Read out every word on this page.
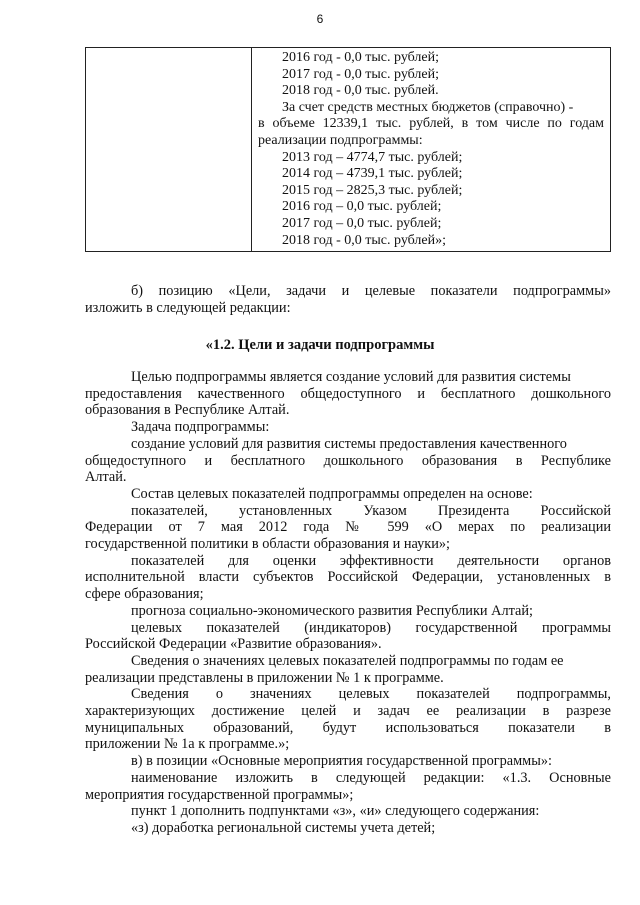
6

2016 год - 0,0 тыс. рублей;
2017 год - 0,0 тыс. рублей;
2018 год - 0,0 тыс. рублей.
За счет средств местных бюджетов (справочно) -
в объеме 12339,1 тыс. рублей, в том числе по годам
реализации подпрограммы:
2013 год – 4774,7 тыс. рублей;
2014 год – 4739,1 тыс. рублей;
2015 год – 2825,3 тыс. рублей;
2016 год – 0,0 тыс. рублей;
2017 год – 0,0 тыс. рублей;
2018 год - 0,0 тыс. рублей»;
б) позицию «Цели, задачи и целевые показатели подпрограммы»
изложить в следующей редакции:
«1.2. Цели и задачи подпрограммы
Целью подпрограммы является создание условий для развития системы
предоставления качественного общедоступного и бесплатного дошкольного
образования в Республике Алтай.
Задача подпрограммы:
создание условий для развития системы предоставления качественного
общедоступного и бесплатного дошкольного образования в Республике
Алтай.
Состав целевых показателей подпрограммы определен на основе:
показателей, установленных Указом Президента Российской
Федерации от 7 мая 2012 года № 599 «О мерах по реализации
государственной политики в области образования и науки»;
показателей для оценки эффективности деятельности органов
исполнительной власти субъектов Российской Федерации, установленных в
сфере образования;
прогноза социально-экономического развития Республики Алтай;
целевых показателей (индикаторов) государственной программы
Российской Федерации «Развитие образования».
Сведения о значениях целевых показателей подпрограммы по годам ее
реализации представлены в приложении № 1 к программе.
Сведения о значениях целевых показателей подпрограммы,
характеризующих достижение целей и задач ее реализации в разрезе
муниципальных образований, будут использоваться показатели в
приложении № 1а к программе.»;
в) в позиции «Основные мероприятия государственной программы»:
наименование изложить в следующей редакции: «1.3. Основные
мероприятия государственной программы»;
пункт 1 дополнить подпунктами «з», «и» следующего содержания:
«з) доработка региональной системы учета детей;
